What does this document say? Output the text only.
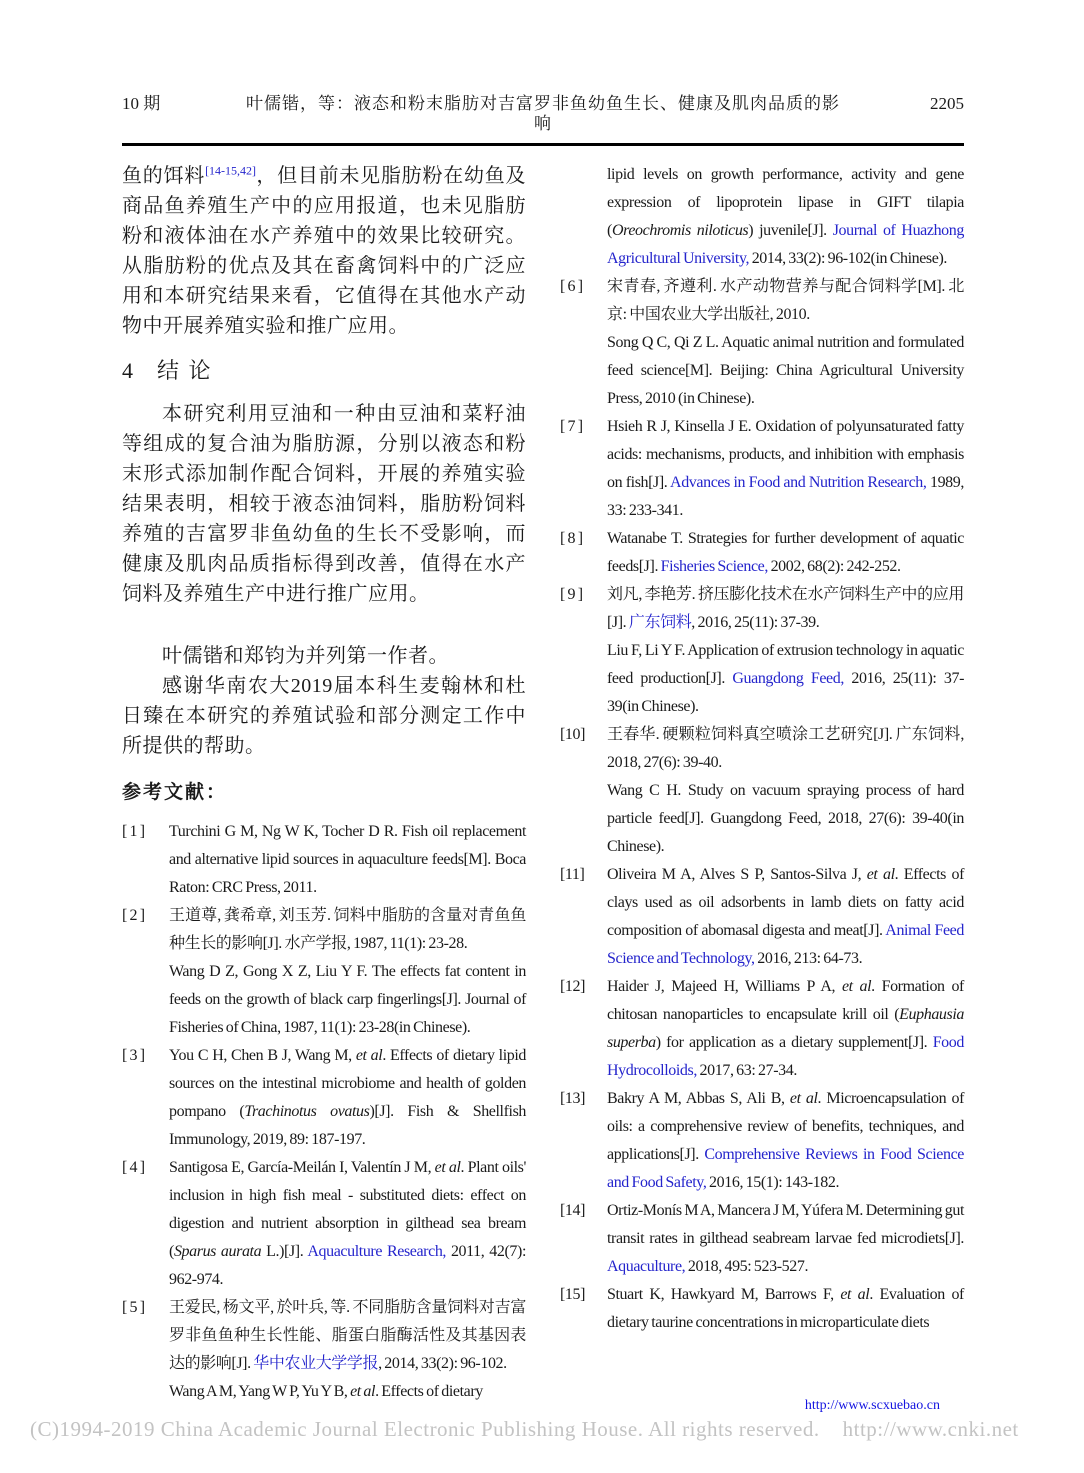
10 期	叶儒锴，等：液态和粉末脂肪对吉富罗非鱼幼鱼生长、健康及肌肉品质的影响
2205

鱼的饵料[14-15,42]，但目前未见脂肪粉在幼鱼及商品鱼养殖生产中的应用报道，也未见脂肪粉和液体油在水产养殖中的效果比较研究。从脂肪粉的优点及其在畜禽饲料中的广泛应用和本研究结果来看，它值得在其他水产动物中开展养殖实验和推广应用。

4 结 论

本研究利用豆油和一种由豆油和菜籽油等组成的复合油为脂肪源，分别以液态和粉末形式添加制作配合饲料，开展的养殖实验结果表明，相较于液态油饲料，脂肪粉饲料养殖的吉富罗非鱼幼鱼的生长不受影响，而健康及肌肉品质指标得到改善，值得在水产饲料及养殖生产中进行推广应用。

叶儒锴和郑钧为并列第一作者。

感谢华南农大2019届本科生麦翰林和杜日臻在本研究的养殖试验和部分测定工作中所提供的帮助。

参考文献：
[ 1 ]	Turchini G M, Ng W K, Tocher D R. Fish oil replacement and alternative lipid sources in aquaculture feeds[M]. Boca Raton: CRC Press, 2011.
[ 2 ]	王道尊, 龚希章, 刘玉芳. 饲料中脂肪的含量对青鱼鱼种生长的影响[J]. 水产学报, 1987, 11(1): 23-28.
Wang D Z, Gong X Z, Liu Y F. The effects fat content in feeds on the growth of black carp fingerlings[J]. Journal of Fisheries of China, 1987, 11(1): 23-28(in Chinese).
[ 3 ]	You C H, Chen B J, Wang M, et al. Effects of dietary lipid sources on the intestinal microbiome and health of golden pompano (Trachinotus ovatus)[J]. Fish & Shellfish Immunology, 2019, 89: 187-197.
[ 4 ]	Santigosa E, García-Meilán I, Valentín J M, et al. Plant oils' inclusion in high fish meal - substituted diets: effect on digestion and nutrient absorption in gilthead sea bream (Sparus aurata L.)[J]. Aquaculture Research, 2011, 42(7): 962-974.
[ 5 ]	王爱民, 杨文平, 於叶兵, 等. 不同脂肪含量饲料对吉富罗非鱼鱼种生长性能、脂蛋白脂酶活性及其基因表达的影响[J]. 华中农业大学学报, 2014, 33(2): 96-102.
Wang A M, Yang W P, Yu Y B, et al. Effects of dietary
lipid levels on growth performance, activity and gene expression of lipoprotein lipase in GIFT tilapia (Oreochromis niloticus) juvenile[J]. Journal of Huazhong Agricultural University, 2014, 33(2): 96-102(in Chinese).
[ 6 ]	宋青春, 齐遵利. 水产动物营养与配合饲料学[M]. 北京: 中国农业大学出版社, 2010.
Song Q C, Qi Z L. Aquatic animal nutrition and formulated feed science[M]. Beijing: China Agricultural University Press, 2010 (in Chinese).
[ 7 ]	Hsieh R J, Kinsella J E. Oxidation of polyunsaturated fatty acids: mechanisms, products, and inhibition with emphasis on fish[J]. Advances in Food and Nutrition Research, 1989, 33: 233-341.
[ 8 ]	Watanabe T. Strategies for further development of aquatic feeds[J]. Fisheries Science, 2002, 68(2): 242-252.
[ 9 ]	刘凡, 李艳芳. 挤压膨化技术在水产饲料生产中的应用[J]. 广东饲料, 2016, 25(11): 37-39.
Liu F, Li Y F. Application of extrusion technology in aquatic feed production[J]. Guangdong Feed, 2016, 25(11): 37-39(in Chinese).
[10]	王春华. 硬颗粒饲料真空喷涂工艺研究[J]. 广东饲料, 2018, 27(6): 39-40.
Wang C H. Study on vacuum spraying process of hard particle feed[J]. Guangdong Feed, 2018, 27(6): 39-40(in Chinese).
[11]	Oliveira M A, Alves S P, Santos-Silva J, et al. Effects of clays used as oil adsorbents in lamb diets on fatty acid composition of abomasal digesta and meat[J]. Animal Feed Science and Technology, 2016, 213: 64-73.
[12]	Haider J, Majeed H, Williams P A, et al. Formation of chitosan nanoparticles to encapsulate krill oil (Euphausia superba) for application as a dietary supplement[J]. Food Hydrocolloids, 2017, 63: 27-34.
[13]	Bakry A M, Abbas S, Ali B, et al. Microencapsulation of oils: a comprehensive review of benefits, techniques, and applications[J]. Comprehensive Reviews in Food Science and Food Safety, 2016, 15(1): 143-182.
[14]	Ortiz-Monís M A, Mancera J M, Yúfera M. Determining gut transit rates in gilthead seabream larvae fed microdiets[J]. Aquaculture, 2018, 495: 523-527.
[15]	Stuart K, Hawkyard M, Barrows F, et al. Evaluation of dietary taurine concentrations in microparticulate diets
http://www.scxuebao.cn
(C)1994-2019 China Academic Journal Electronic Publishing House. All rights reserved.    http://www.cnki.net
